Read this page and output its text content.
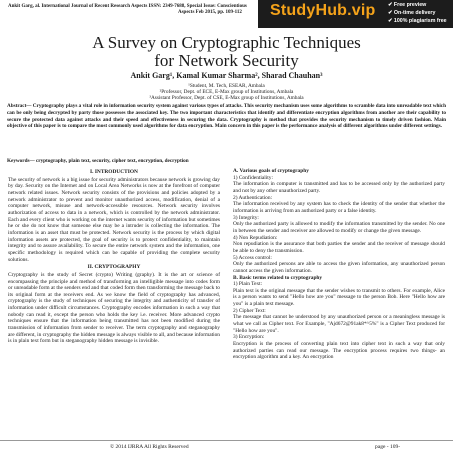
Ankit Garg, al. International Journal of Recent Research Aspects ISSN: 2349-7688, Special Issue: Conscientious
Aspects Feb 2015, pp. 109-112 StudyHub.vip ✔ Free preview
✔ On-time delivery
✔ 100% plagiarism free
A Survey on Cryptographic Techniques
for Network Security
Ankit Garg¹, Kamal Kumar Sharma², Sharad Chauhan³
¹Student, M. Tech, ESEAR, Ambala
²Professor, Dept. of ECE, E-Max group of Institutions, Ambala
³Assistant Professor, Dept. of CSE, E-Max group of Institutions, Ambala
Abstract— Cryptography plays a vital role in information security system against various types of attacks. This security mechanism uses some algorithms to scramble data into unreadable text which can be only being decrypted by party those possesses the associated key. The two important characteristics that identify and differentiate encryption algorithms from another are their capability to secure the protected data against attacks and their speed and effectiveness in securing the data. Cryptography is method that provides the security mechanism to timely driven fashion. Main objective of this paper is to compare the most commonly used algorithms for data encryption. Main concern in this paper is the performance analysis of different algorithms under different settings.
Keywords— cryptography, plain text, security, cipher text, encryption, decryption

I. INTRODUCTION

The security of network is a big issue for security administrators because network is growing day by day. Security on the Internet and on Local Area Networks is now at the forefront of computer network related issues. Network security consists of the provisions and policies adopted by a network administrator to prevent and monitor unauthorized access, modification, denial of a computer network, misuse and network-accessible resources. Network security involves authorization of access to data in a network, which is controlled by the network administrator. Each and every client who is working on the internet wants security of information but sometimes he or she do not know that someone else may be a intruder is collecting the information. The information is an asset that must be protected. Network security is the process by which digital information assets are protected, the goal of security is to protect confidentiality, to maintain integrity and to assure availability. To secure the entire network system and the information, one specific methodology is required which can be capable of providing the complete security solutions.

II. CRYPTOGRAPHY

Cryptography is the study of Secret (crypto) Writing (graphy). It is the art or science of encompassing the principle and method of transforming an intelligible message into codes form or unreadable form at the senders end and that coded form then transforming the message back to its original form at the receivers end. As we know the field of cryptography has advanced, cryptography is the study of techniques of securing the integrity and authenticity of transfer of information under difficult circumstances. Cryptography encodes information in such a way that nobody can read it, except the person who holds the key i.e. receiver. More advanced crypto techniques ensure that the information being transmitted has not been modified during the transmission of information from sender to receiver. The term cryptography and steganography are different, in cryptography the hidden message is always visible to all, and because information is in plain text form but in steganography hidden message is invisible.

A. Various goals of cryptography

1) Confidentiality:

The information in computer is transmitted and has to be accessed only by the authorized party and not by any other unauthorized party.

2) Authentication:

The information received by any system has to check the identity of the sender that whether the information is arriving from an authorized party or a false identity.

3) Integrity:

Only the authorized party is allowed to modify the information transmitted by the sender. No one in between the sender and receiver are allowed to modify or change the given message.

4) Non Repudiation:

Non repudiation is the assurance that both parties the sender and the receiver of message should be able to deny the transmission.

5) Access control:

Only the authorized persons are able to access the given information, any unauthorized person cannot access the given information.

B. Basic terms related to cryptography

1) Plain Text:

Plain text is the original message that the sender wishes to transmit to others. For example, Alice is a person wants to send "Hello how are you" message to the person Bob. Here "Hello how are you" is a plain text message.

2) Cipher Text:

The message that cannot be understood by any unauthorized person or a meaningless message is what we call as Cipher text. For Example, "Ajd672@91ak8*^5%" is a Cipher Text produced for "Hello how are you".

3) Encryption:

Encryption is the process of converting plain text into cipher text in such a way that only authorized parties can read our message. The encryption process requires two things- an encryption algorithm and a key. An encryption

© 2014 IJRRA All Rights Reserved	page - 109-
